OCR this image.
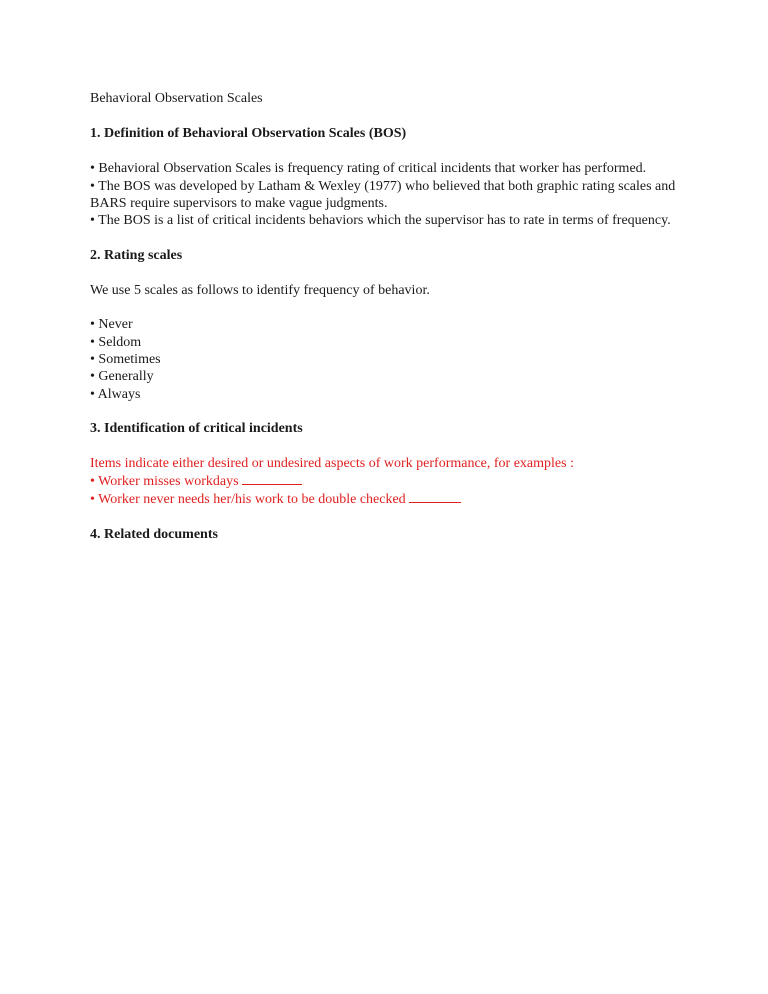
Behavioral Observation Scales
1. Definition of Behavioral Observation Scales (BOS)
• Behavioral Observation Scales is frequency rating of critical incidents that worker has performed.
• The BOS was developed by Latham & Wexley (1977) who believed that both graphic rating scales and BARS require supervisors to make vague judgments.
• The BOS is a list of critical incidents behaviors which the supervisor has to rate in terms of frequency.
2. Rating scales
We use 5 scales as follows to identify frequency of behavior.
• Never
• Seldom
• Sometimes
• Generally
• Always
3. Identification of critical incidents
Items indicate either desired or undesired aspects of work performance, for examples :
• Worker misses workdays
• Worker never needs her/his work to be double checked
4. Related documents
